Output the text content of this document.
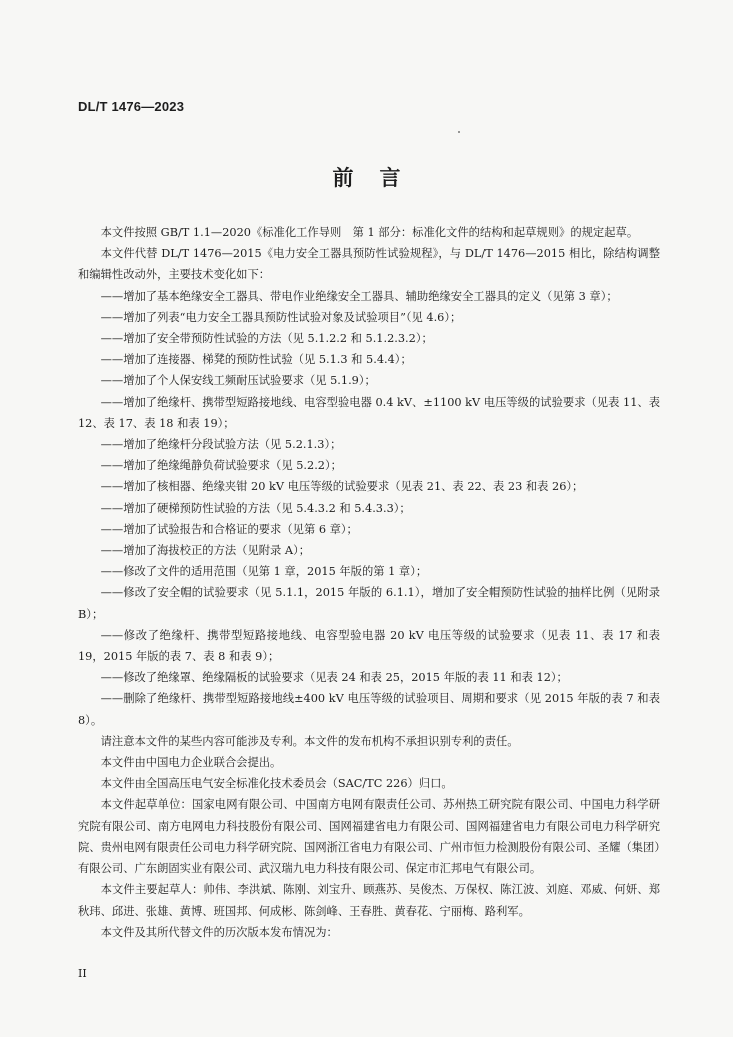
DL/T 1476—2023
前言

本文件按照 GB/T 1.1—2020《标准化工作导则　第 1 部分：标准化文件的结构和起草规则》的规定起草。

本文件代替 DL/T 1476—2015《电力安全工器具预防性试验规程》，与 DL/T 1476—2015 相比，除结构调整和编辑性改动外，主要技术变化如下：

——增加了基本绝缘安全工器具、带电作业绝缘安全工器具、辅助绝缘安全工器具的定义（见第 3 章）；

——增加了列表“电力安全工器具预防性试验对象及试验项目”（见 4.6）；

——增加了安全带预防性试验的方法（见 5.1.2.2 和 5.1.2.3.2）；

——增加了连接器、梯凳的预防性试验（见 5.1.3 和 5.4.4）；

——增加了个人保安线工频耐压试验要求（见 5.1.9）；

——增加了绝缘杆、携带型短路接地线、电容型验电器 0.4 kV、±1100 kV 电压等级的试验要求（见表 11、表 12、表 17、表 18 和表 19）；

——增加了绝缘杆分段试验方法（见 5.2.1.3）；

——增加了绝缘绳静负荷试验要求（见 5.2.2）；

——增加了核相器、绝缘夹钳 20 kV 电压等级的试验要求（见表 21、表 22、表 23 和表 26）；

——增加了硬梯预防性试验的方法（见 5.4.3.2 和 5.4.3.3）；

——增加了试验报告和合格证的要求（见第 6 章）；

——增加了海拔校正的方法（见附录 A）；

——修改了文件的适用范围（见第 1 章，2015 年版的第 1 章）；

——修改了安全帽的试验要求（见 5.1.1，2015 年版的 6.1.1），增加了安全帽预防性试验的抽样比例（见附录 B）；

——修改了绝缘杆、携带型短路接地线、电容型验电器 20 kV 电压等级的试验要求（见表 11、表 17 和表 19，2015 年版的表 7、表 8 和表 9）；

——修改了绝缘罩、绝缘隔板的试验要求（见表 24 和表 25，2015 年版的表 11 和表 12）；

——删除了绝缘杆、携带型短路接地线±400 kV 电压等级的试验项目、周期和要求（见 2015 年版的表 7 和表 8）。

请注意本文件的某些内容可能涉及专利。本文件的发布机构不承担识别专利的责任。

本文件由中国电力企业联合会提出。

本文件由全国高压电气安全标准化技术委员会（SAC/TC 226）归口。

本文件起草单位：国家电网有限公司、中国南方电网有限责任公司、苏州热工研究院有限公司、中国电力科学研究院有限公司、南方电网电力科技股份有限公司、国网福建省电力有限公司、国网福建省电力有限公司电力科学研究院、贵州电网有限责任公司电力科学研究院、国网浙江省电力有限公司、广州市恒力检测股份有限公司、圣耀（集团）有限公司、广东朗固实业有限公司、武汉瑞九电力科技有限公司、保定市汇邦电气有限公司。

本文件主要起草人：帅伟、李洪斌、陈刚、刘宝升、顾燕苏、吴俊杰、万保权、陈江波、刘庭、邓威、何妍、郑秋玮、邱进、张雄、黄博、班国邦、何成彬、陈剑峰、王春胜、黄春花、宁丽梅、路利军。

本文件及其所代替文件的历次版本发布情况为：

II
